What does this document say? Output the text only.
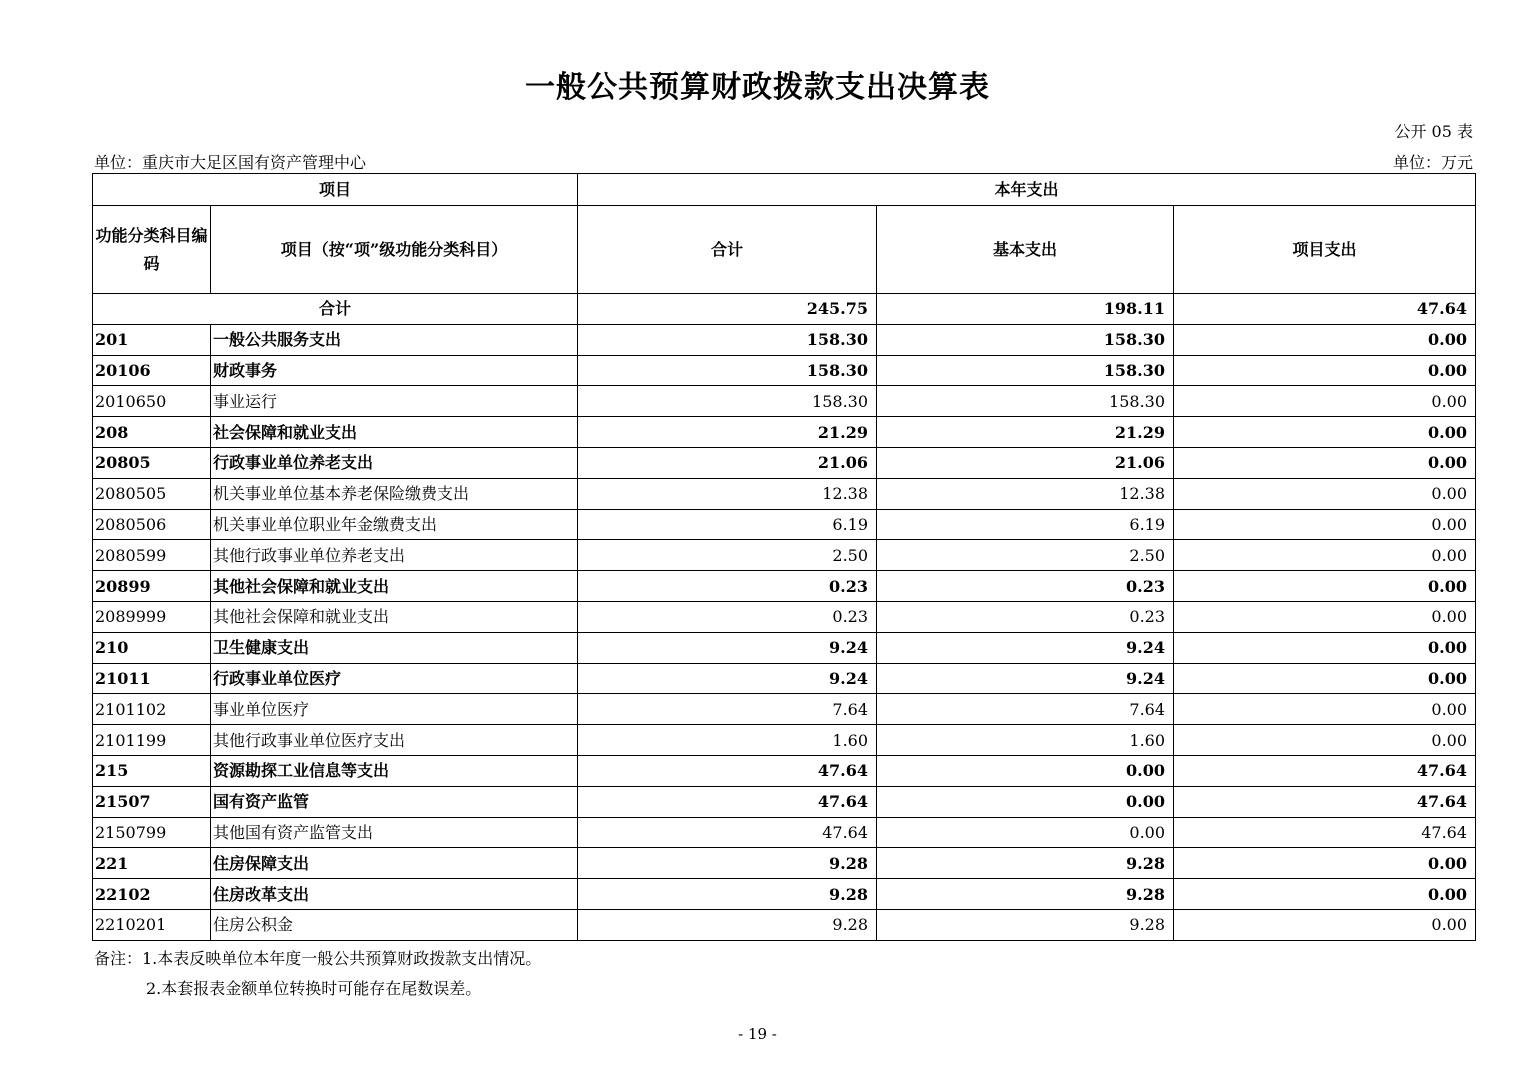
一般公共预算财政拨款支出决算表
公开 05 表
单位：重庆市大足区国有资产管理中心	单位：万元
项目		本年支出		
功能分类科目编码	项目（按“项”级功能分类科目）	合计	基本支出	项目支出
合计		245.75	198.11	47.64
201	一般公共服务支出	158.30	158.30	0.00
20106	财政事务	158.30	158.30	0.00
2010650	事业运行	158.30	158.30	0.00
208	社会保障和就业支出	21.29	21.29	0.00
20805	行政事业单位养老支出	21.06	21.06	0.00
2080505	机关事业单位基本养老保险缴费支出	12.38	12.38	0.00
2080506	机关事业单位职业年金缴费支出	6.19	6.19	0.00
2080599	其他行政事业单位养老支出	2.50	2.50	0.00
20899	其他社会保障和就业支出	0.23	0.23	0.00
2089999	其他社会保障和就业支出	0.23	0.23	0.00
210	卫生健康支出	9.24	9.24	0.00
21011	行政事业单位医疗	9.24	9.24	0.00
2101102	事业单位医疗	7.64	7.64	0.00
2101199	其他行政事业单位医疗支出	1.60	1.60	0.00
215	资源勘探工业信息等支出	47.64	0.00	47.64
21507	国有资产监管	47.64	0.00	47.64
2150799	其他国有资产监管支出	47.64	0.00	47.64
221	住房保障支出	9.28	9.28	0.00
22102	住房改革支出	9.28	9.28	0.00
2210201	住房公积金	9.28	9.28	0.00
备注：1.本表反映单位本年度一般公共预算财政拨款支出情况。
2.本套报表金额单位转换时可能存在尾数误差。
- 19 -
